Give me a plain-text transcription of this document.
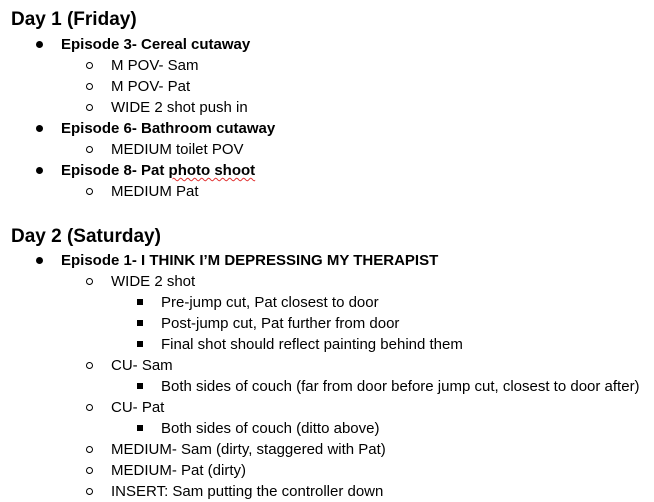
Day 1 (Friday)
Episode 3- Cereal cutaway
M POV- Sam
M POV- Pat
WIDE 2 shot push in
Episode 6- Bathroom cutaway
MEDIUM toilet POV
Episode 8- Pat photo shoot
MEDIUM Pat
Day 2 (Saturday)
Episode 1- I THINK I’M DEPRESSING MY THERAPIST
WIDE 2 shot
Pre-jump cut, Pat closest to door
Post-jump cut, Pat further from door
Final shot should reflect painting behind them
CU- Sam
Both sides of couch (far from door before jump cut, closest to door after)
CU- Pat
Both sides of couch (ditto above)
MEDIUM- Sam (dirty, staggered with Pat)
MEDIUM- Pat (dirty)
INSERT: Sam putting the controller down
